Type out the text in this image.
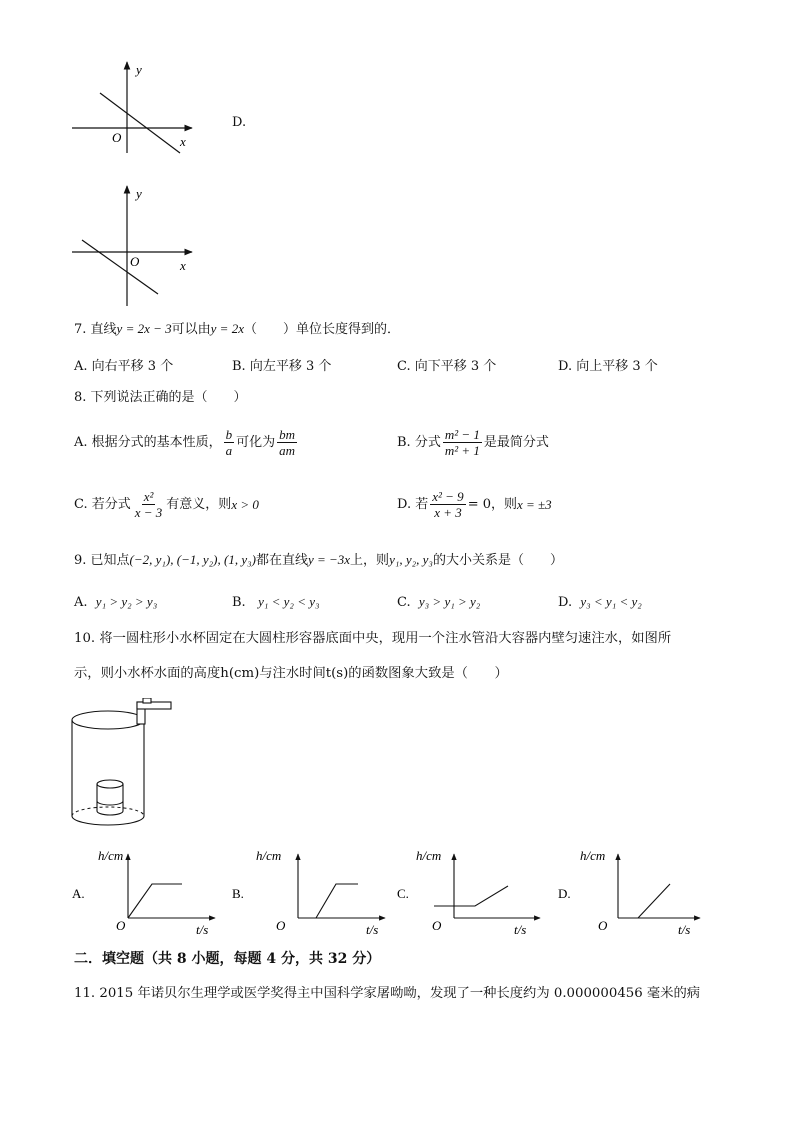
y
x
O
D.
y
x
O
7. 直线y = 2x − 3可以由y = 2x（　　）单位长度得到的．
A. 向右平移 3 个	B. 向左平移 3 个	C. 向下平移 3 个	D. 向上平移 3 个
8. 下列说法正确的是（　　）
A. 根据分式的基本性质， $\frac{b}{a}$ 可化为 $\frac{bm}{am}$	B. 分式 $\frac{\text{m² − 1}}{\text{m² + 1}}$ 是最简分式
C. 若分式 $\frac{\text{x²}}{x - 3}$ 有意义，则 x > 0	D. 若 $\frac{\text{x² − 9}}{x + 3} = 0$，则 x = ±3
9. 已知点(−2, y₁), (−1, y₂), (1, y₃)都在直线y = −3x上，则y₁, y₂, y₃的大小关系是（　　）
A. y₁ > y₂ > y₃	B. y₁ < y₂ < y₃	C. y₃ > y₁ > y₂	D. y₃ < y₁ < y₂
10. 将一圆柱形小水杯固定在大圆柱形容器底面中央，现用一个注水管沿大容器内壁匀速注水，如图所
示，则小水杯水面的高度h(cm)与注水时间t(s)的函数图象大致是（　　）
h/cm
t/s
O
A.
h/cm
t/s
O
B.
h/cm
t/s
O
C.
h/cm
t/s
O
D.
二．填空题（共 8 小题，每题 4 分，共 32 分）
11. 2015 年诺贝尔生理学或医学奖得主中国科学家屠呦呦，发现了一种长度约为 0.000000456 毫米的病
